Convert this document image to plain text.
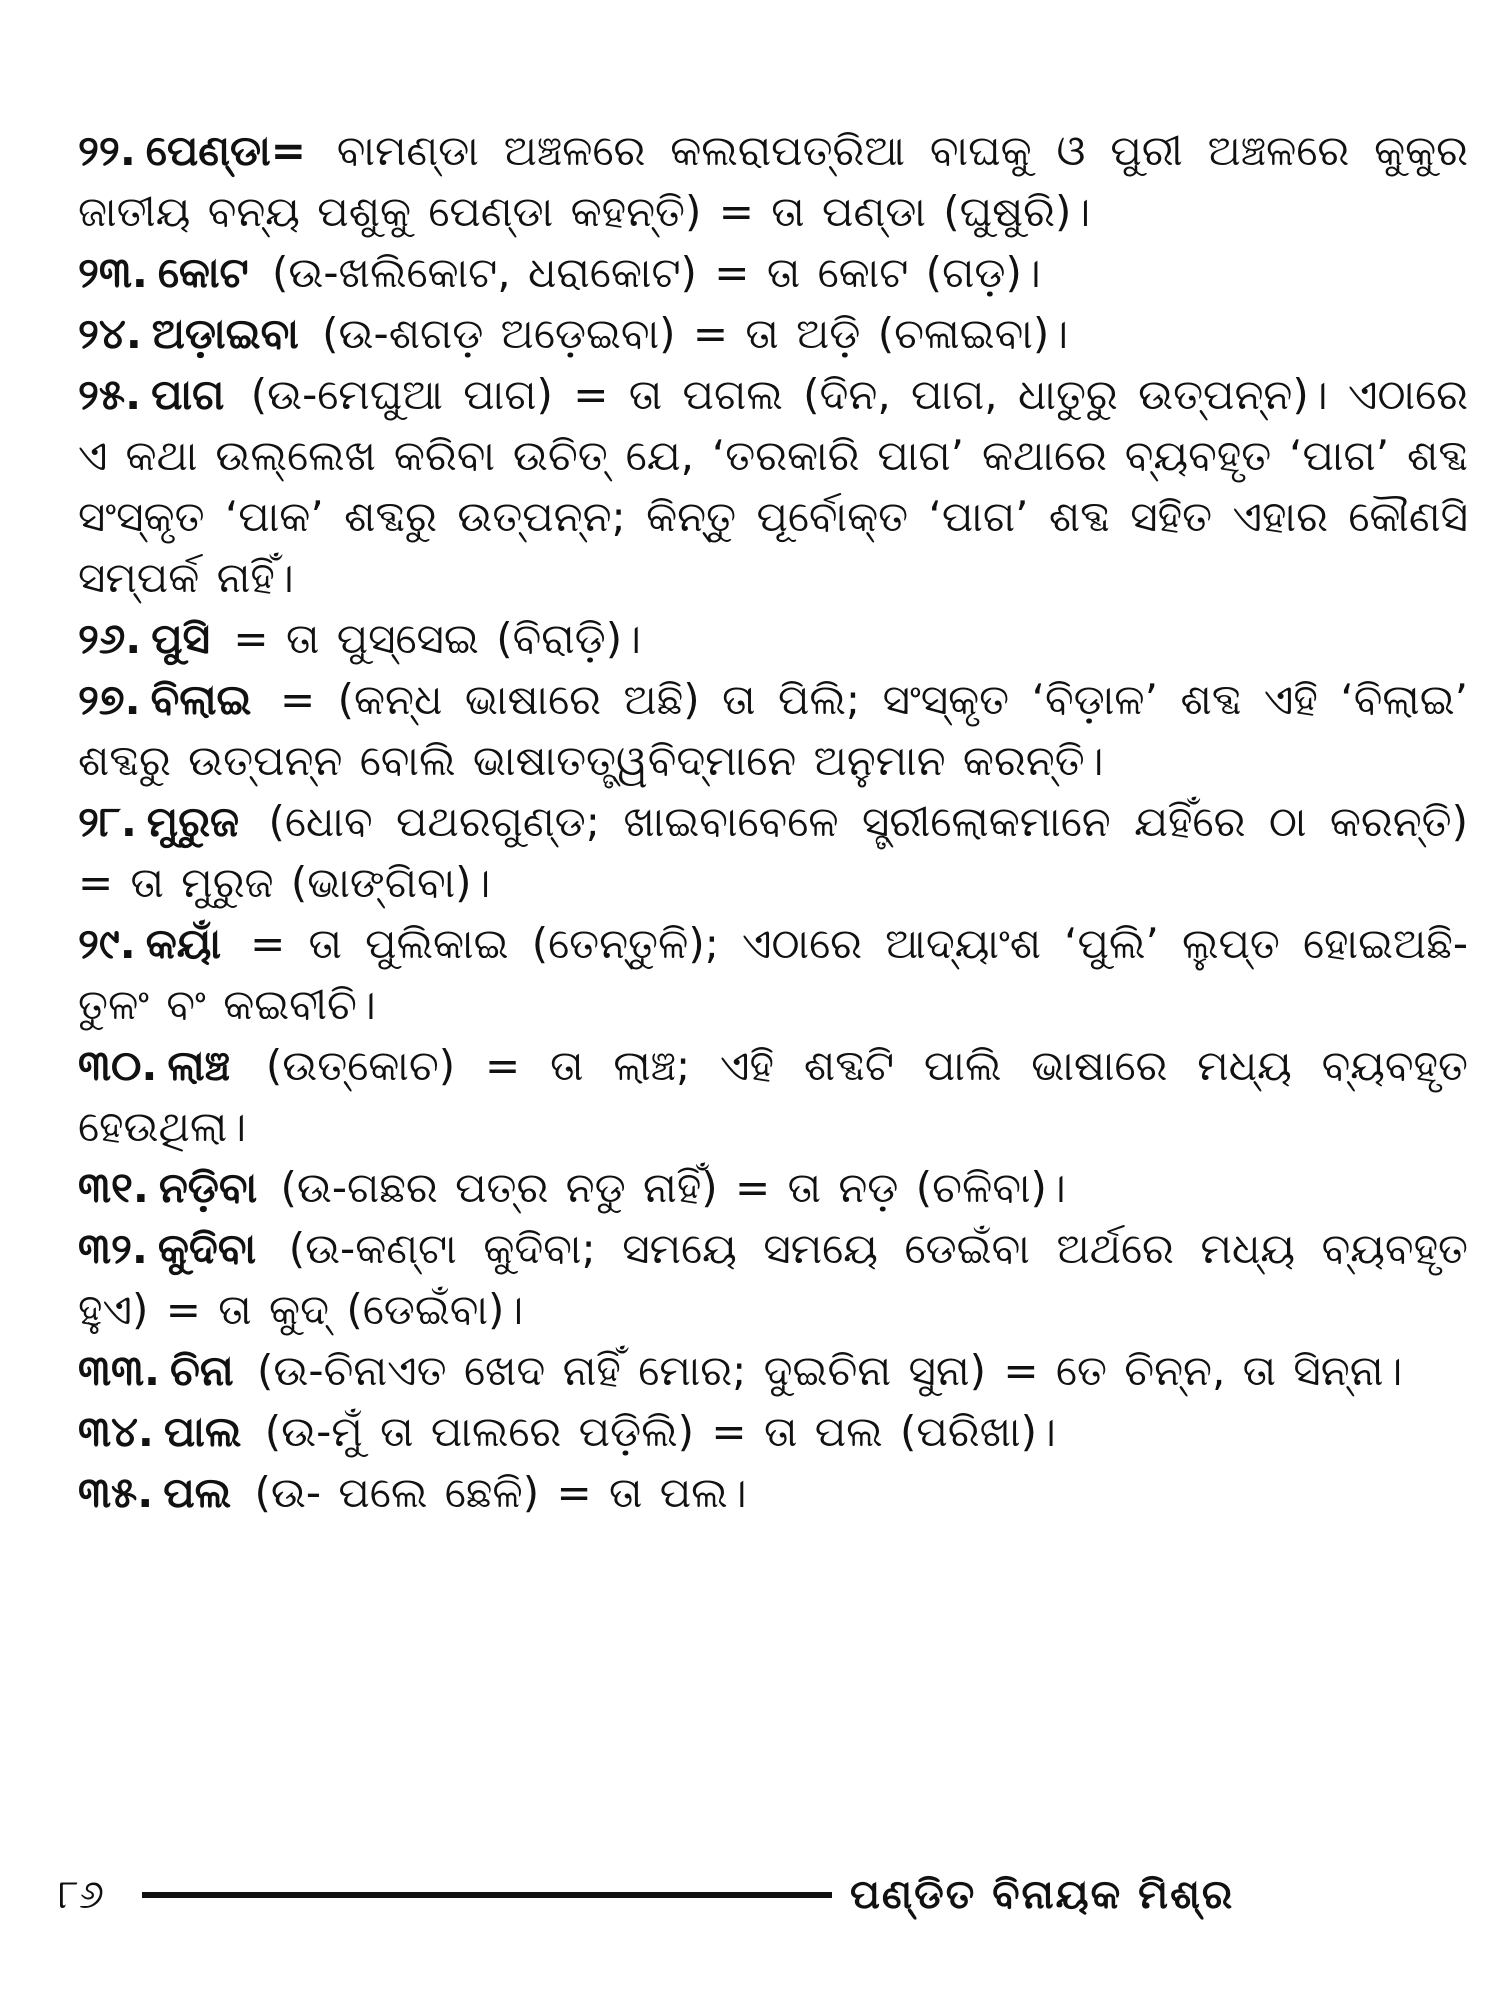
୨୨. ପେଣ୍ଡା= ବାମଣ୍ଡା ଅଞ୍ଚଳରେ କଲରାପତ୍ରିଆ ବାଘକୁ ଓ ପୁରୀ ଅଞ୍ଚଳରେ କୁକୁର ଜାତୀୟ ବନ୍ୟ ପଶୁକୁ ପେଣ୍ଡା କହନ୍ତି) = ତା ପଣ୍ଡା (ଘୁଷୁରି)।

୨୩. କୋଟ (ଉ-ଖଲିକୋଟ, ଧରାକୋଟ) = ତା କୋଟ (ଗଡ଼)।

୨୪. ଅଡ଼ାଇବା (ଉ-ଶଗଡ଼ ଅଡ଼େଇବା) = ତା ଅଡ଼ି (ଚଳାଇବା)।

୨୫. ପାଗ (ଉ-ମେଘୁଆ ପାଗ) = ତା ପଗଲ (ଦିନ, ପାଗ, ଧାତୁରୁ ଉତ୍ପନ୍ନ)। ଏଠାରେ ଏ କଥା ଉଲ୍ଲେଖ କରିବା ଉଚିତ୍ ଯେ, ‘ତରକାରି ପାଗ’ କଥାରେ ବ୍ୟବହୃତ ‘ପାଗ’ ଶବ୍ଦ ସଂସ୍କୃତ ‘ପାକ’ ଶବ୍ଦରୁ ଉତ୍ପନ୍ନ; କିନ୍ତୁ ପୂର୍ବୋକ୍ତ ‘ପାଗ’ ଶବ୍ଦ ସହିତ ଏହାର କୌଣସି ସମ୍ପର୍କ ନାହିଁ।

୨୬. ପୁସି = ତା ପୁସ୍‌ସେଇ (ବିରାଡ଼ି)।

୨୭. ବିଲାଇ = (କନ୍ଧ ଭାଷାରେ ଅଛି) ତା ପିଲି; ସଂସ୍କୃତ ‘ବିଡ଼ାଳ’ ଶବ୍ଦ ଏହି ‘ବିଲାଇ’ ଶବ୍ଦରୁ ଉତ୍ପନ୍ନ ବୋଲି ଭାଷାତତ୍ତ୍ୱବିଦ୍‌ମାନେ ଅନୁମାନ କରନ୍ତି।

୨୮. ମୁରୁଜ (ଧୋବ ପଥରଗୁଣ୍ଡ; ଖାଇବାବେଳେ ସ୍ତ୍ରୀଲୋକମାନେ ଯହିଁରେ ଠା କରନ୍ତି) = ତା ମୁରୁଜ (ଭାଙ୍ଗିବା)।

୨୯. କୟାଁ = ତା ପୁଲିକାଇ (ତେନ୍ତୁଳି); ଏଠାରେ ଆଦ୍ୟାଂଶ ‘ପୁଲି’ ଲୁପ୍ତ ହୋଇଅଛି- ତୁଳଂ ବଂ କଇବୀଚି।

୩୦. ଲାଞ୍ଚ (ଉତ୍କୋଚ) = ତା ଲାଞ୍ଚ; ଏହି ଶବ୍ଦଟି ପାଲି ଭାଷାରେ ମଧ୍ୟ ବ୍ୟବହୃତ ହେଉଥିଲା।

୩୧. ନଡ଼ିବା (ଉ-ଗଛର ପତ୍ର ନଡୁ ନାହିଁ) = ତା ନଡ଼ (ଚଳିବା)।

୩୨. କୁଦିବା (ଉ-କଣ୍ଟା କୁଦିବା; ସମୟେ ସମୟେ ଡେଇଁବା ଅର୍ଥରେ ମଧ୍ୟ ବ୍ୟବହୃତ ହୁଏ) = ତା କୁଦ୍ (ଡେଇଁବା)।

୩୩. ଚିନା (ଉ-ଚିନାଏତ ଖେଦ ନାହିଁ ମୋର; ଦୁଇଚିନା ସୁନା) = ତେ ଚିନ୍ନ, ତା ସିନ୍ନା।

୩୪. ପାଲ (ଉ-ମୁଁ ତା ପାଲରେ ପଡ଼ିଲି) = ତା ପଲ (ପରିଖା)।

୩୫. ପଲ (ଉ- ପଲେ ଛେଳି) = ତା ପଲ।

୮୬	ପଣ୍ଡିତ ବିନାୟକ ମିଶ୍ର
